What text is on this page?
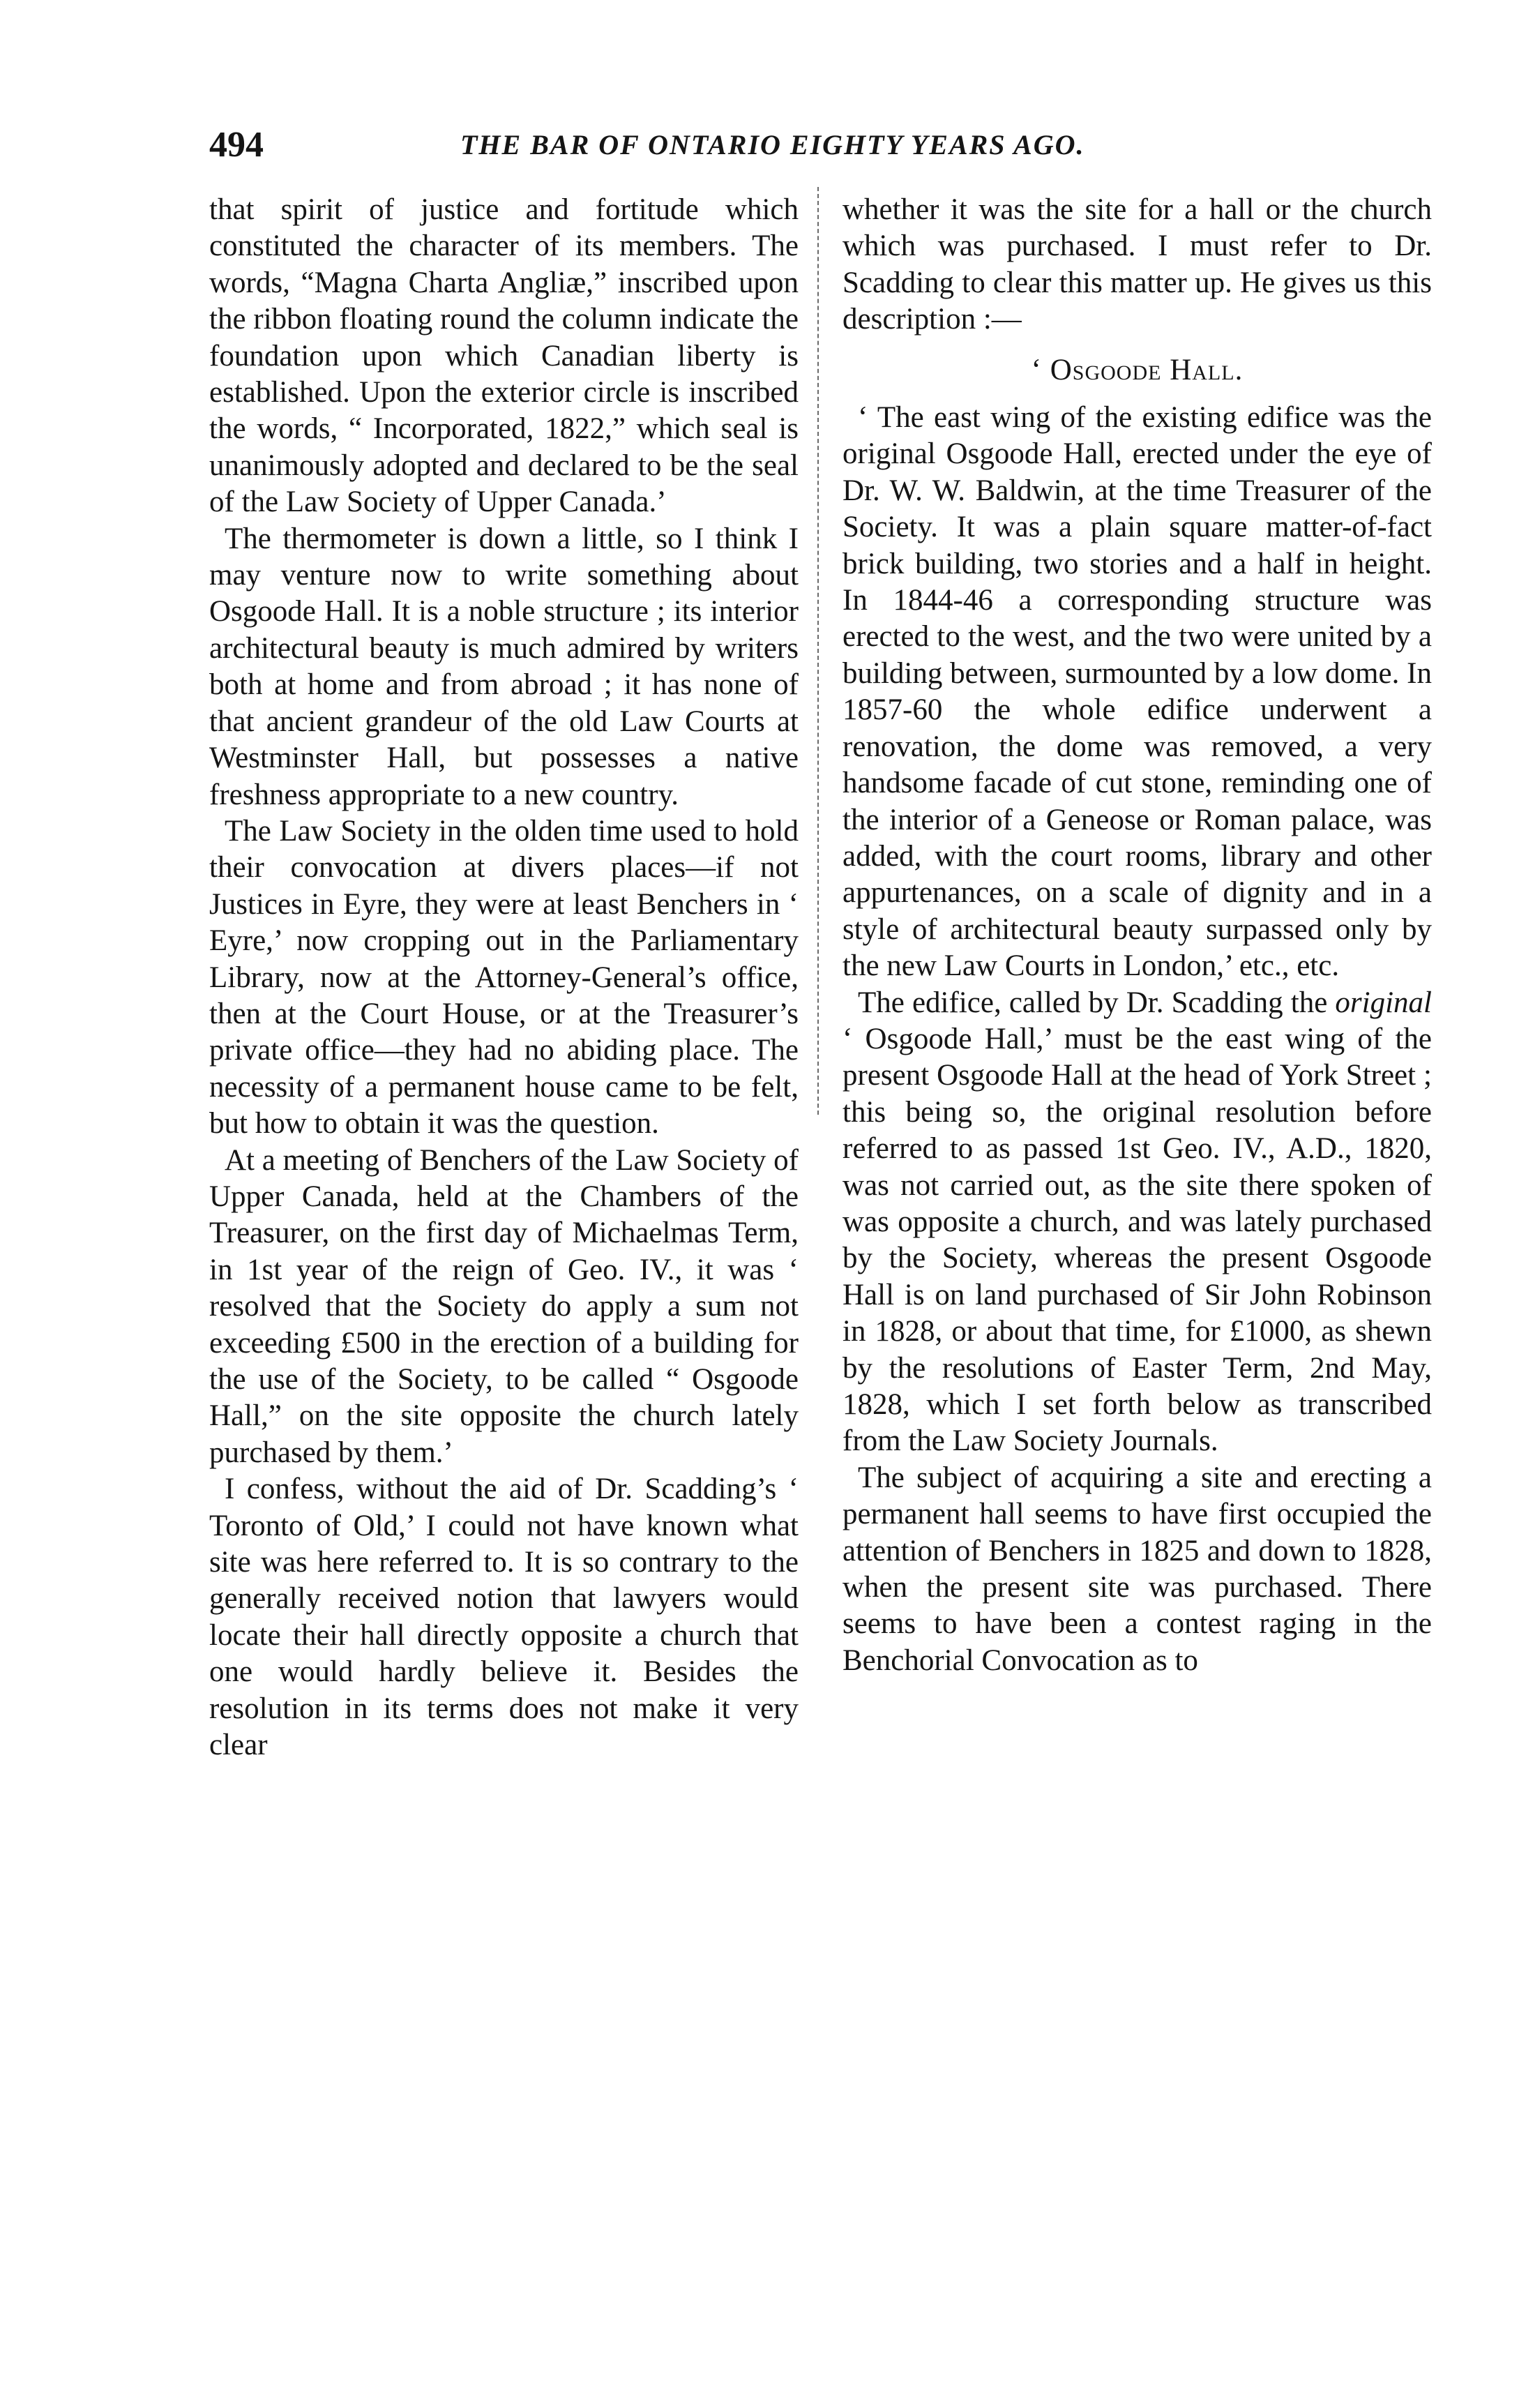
494	THE BAR OF ONTARIO EIGHTY YEARS AGO.

that spirit of justice and fortitude which constituted the character of its members. The words, “Magna Charta Angliæ,” inscribed upon the ribbon floating round the column indicate the foundation upon which Canadian liberty is established. Upon the exterior circle is inscribed the words, “ Incorporated, 1822,” which seal is unanimously adopted and declared to be the seal of the Law Society of Upper Canada.’

The thermometer is down a little, so I think I may venture now to write something about Osgoode Hall. It is a noble structure ; its interior architectural beauty is much admired by writers both at home and from abroad ; it has none of that ancient grandeur of the old Law Courts at Westminster Hall, but possesses a native freshness appropriate to a new country.

The Law Society in the olden time used to hold their convocation at divers places—if not Justices in Eyre, they were at least Benchers in ‘ Eyre,’ now cropping out in the Parliamentary Library, now at the Attorney-General’s office, then at the Court House, or at the Treasurer’s private office—they had no abiding place. The necessity of a permanent house came to be felt, but how to obtain it was the question.

At a meeting of Benchers of the Law Society of Upper Canada, held at the Chambers of the Treasurer, on the first day of Michaelmas Term, in 1st year of the reign of Geo. IV., it was ‘ resolved that the Society do apply a sum not exceeding £500 in the erection of a building for the use of the Society, to be called “ Osgoode Hall,” on the site opposite the church lately purchased by them.’

I confess, without the aid of Dr. Scadding’s ‘ Toronto of Old,’ I could not have known what site was here referred to. It is so contrary to the generally received notion that lawyers would locate their hall directly opposite a church that one would hardly believe it. Besides the resolution in its terms does not make it very clear

whether it was the site for a hall or the church which was purchased. I must refer to Dr. Scadding to clear this matter up. He gives us this description :—

‘ Osgoode Hall.

‘ The east wing of the existing edifice was the original Osgoode Hall, erected under the eye of Dr. W. W. Baldwin, at the time Treasurer of the Society. It was a plain square matter-of-fact brick building, two stories and a half in height. In 1844-46 a corresponding structure was erected to the west, and the two were united by a building between, surmounted by a low dome. In 1857-60 the whole edifice underwent a renovation, the dome was removed, a very handsome facade of cut stone, reminding one of the interior of a Geneose or Roman palace, was added, with the court rooms, library and other appurtenances, on a scale of dignity and in a style of architectural beauty surpassed only by the new Law Courts in London,’ etc., etc.

The edifice, called by Dr. Scadding the original ‘ Osgoode Hall,’ must be the east wing of the present Osgoode Hall at the head of York Street ; this being so, the original resolution before referred to as passed 1st Geo. IV., A.D., 1820, was not carried out, as the site there spoken of was opposite a church, and was lately purchased by the Society, whereas the present Osgoode Hall is on land purchased of Sir John Robinson in 1828, or about that time, for £1000, as shewn by the resolutions of Easter Term, 2nd May, 1828, which I set forth below as transcribed from the Law Society Journals.

The subject of acquiring a site and erecting a permanent hall seems to have first occupied the attention of Benchers in 1825 and down to 1828, when the present site was purchased. There seems to have been a contest raging in the Benchorial Convocation as to
